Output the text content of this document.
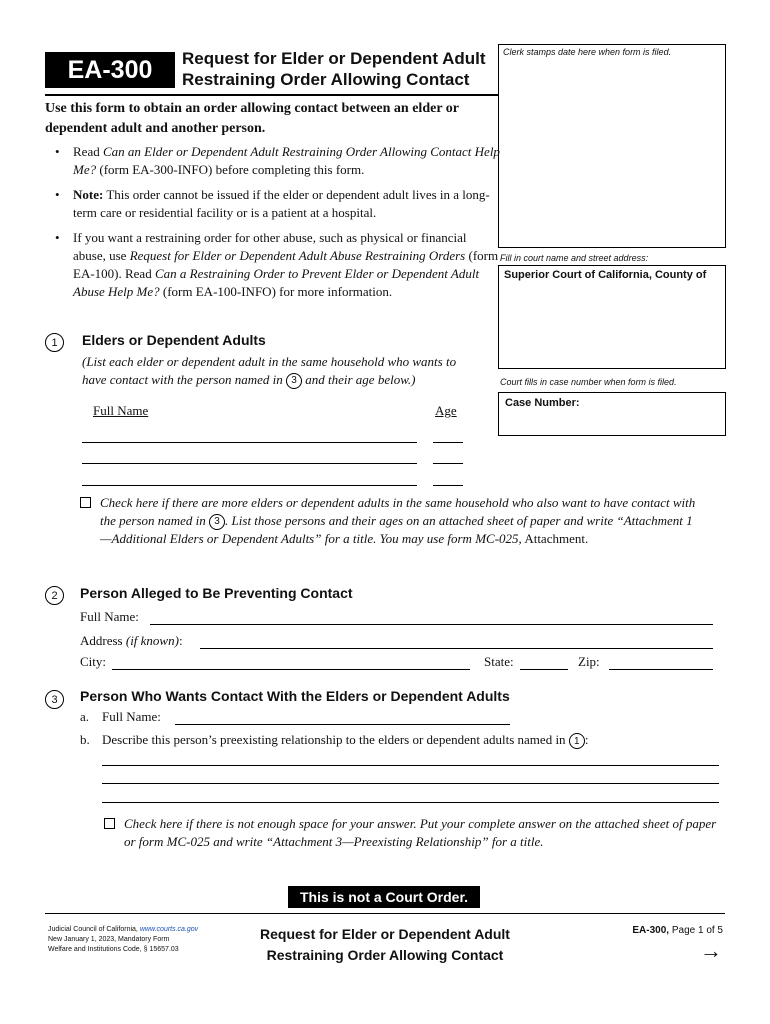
EA-300	Request for Elder or Dependent Adult
Restraining Order Allowing Contact
Clerk stamps date here when form is filed.
Fill in court name and street address:
Superior Court of California, County of
Court fills in case number when form is filed.
Case Number:
Use this form to obtain an order allowing contact between an elder or dependent adult and another person.
• Read Can an Elder or Dependent Adult Restraining Order Allowing Contact Help Me? (form EA-300-INFO) before completing this form.
• Note: This order cannot be issued if the elder or dependent adult lives in a long-term care or residential facility or is a patient at a hospital.
• If you want a restraining order for other abuse, such as physical or financial abuse, use Request for Elder or Dependent Adult Abuse Restraining Orders (form EA-100). Read Can a Restraining Order to Prevent Elder or Dependent Adult Abuse Help Me? (form EA-100-INFO) for more information.
1	Elders or Dependent Adults
(List each elder or dependent adult in the same household who wants to have contact with the person named in 3 and their age below.)
Full Name	Age
Check here if there are more elders or dependent adults in the same household who also want to have contact with the person named in 3 . List those persons and their ages on an attached sheet of paper and write “Attachment 1—Additional Elders or Dependent Adults” for a title. You may use form MC-025, Attachment.
2	Person Alleged to Be Preventing Contact
Full Name:
Address (if known):
City:	State:	Zip:
3	Person Who Wants Contact With the Elders or Dependent Adults
a. Full Name:
b. Describe this person’s preexisting relationship to the elders or dependent adults named in 1 :
Check here if there is not enough space for your answer. Put your complete answer on the attached sheet of paper or form MC-025 and write “Attachment 3—Preexisting Relationship” for a title.
This is not a Court Order.
Judicial Council of California, www.courts.ca.gov
New January 1, 2023, Mandatory Form
Welfare and Institutions Code, § 15657.03
Request for Elder or Dependent Adult
Restraining Order Allowing Contact
EA-300, Page 1 of 5
→
